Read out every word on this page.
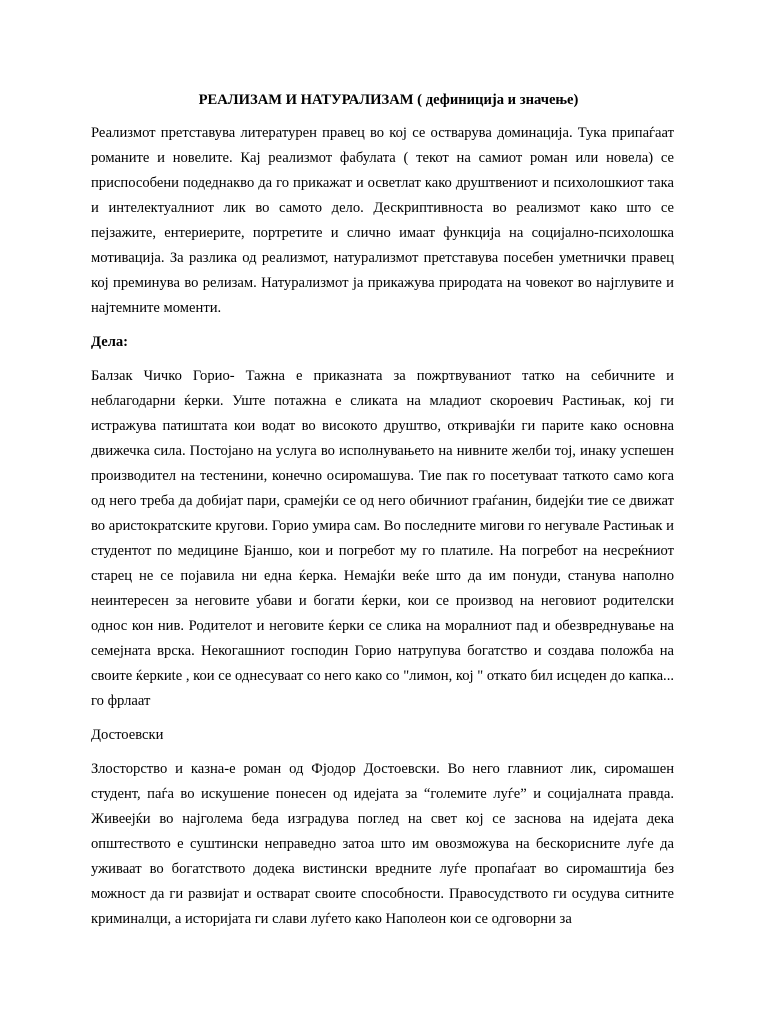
РЕАЛИЗАМ И НАТУРАЛИЗАМ ( дефиниција и значење)

Реализмот претставува литературен правец во кој се остварува доминација. Тука припаѓаат романите и новелите. Кај реализмот фабулата ( текот на самиот роман или новела) се приспособени подеднакво да го прикажат и осветлат како друштвениот и психолошкиот така и интелектуалниот лик во самото дело. Дескриптивноста во реализмот како што се пејзажите, ентериерите, портретите и слично имаат функција на социјално-психолошка мотивација. За разлика од реализмот, натурализмот претставува посебен уметнички правец кој преминува во релизам. Натурализмот ја прикажува природата на човекот во најглувите и најтемните моменти.

Дела:

Балзак Чичко Горио- Тажна е приказната за пожртвуваниот татко на себичните и неблагодарни ќерки. Уште потажна е сликата на младиот скороевич Растињак, кој ги истражува патиштата кои водат во високото друштво, откривајќи ги парите како основна движечка сила. Постојано на услуга во исполнувањето на нивните желби тој, инаку успешен производител на тестенини, конечно осиромашува. Тие пак го посетуваат таткото само кога од него треба да добијат пари, срамејќи се од него обичниот граѓанин, бидејќи тие се движат во аристократските кругови. Горио умира сам. Во последните мигови го негувале Растињак и студентот по медицине Бјаншо, кои и погребот му го платиле. На погребот на несреќниот старец не се појавила ни една ќерка. Немајќи веќе што да им понуди, станува наполно неинтересен за неговите убави и богати ќерки, кои се производ на неговиот родителски однос кон нив. Родителот и неговите ќерки се слика на моралниот пад и обезвреднување на семејната врска. Некогашниот господин Горио натрупува богатство и создава положба на своите ќеркиte , кои се однесуваат со него како со "лимон, кој " откато бил исцеден до капка... го фрлаат

Достоевски

Злосторство и казна-е роман од Фјодор Достоевски. Во него главниот лик, сиромашен студент, паѓа во искушение понесен од идејата за “големите луѓе” и социјалната правда. Живеејќи во најголема беда изградува поглед на свет кој се заснова на идејата дека општеството е суштински неправедно затоа што им овозможува на бескорисните луѓе да уживаат во богатството додека вистински вредните луѓе пропаѓаат во сиромаштија без можност да ги развијат и остварат своите способности. Правосудството ги осудува ситните криминалци, а историјата ги слави луѓето како Наполеон кои се одговорни за
